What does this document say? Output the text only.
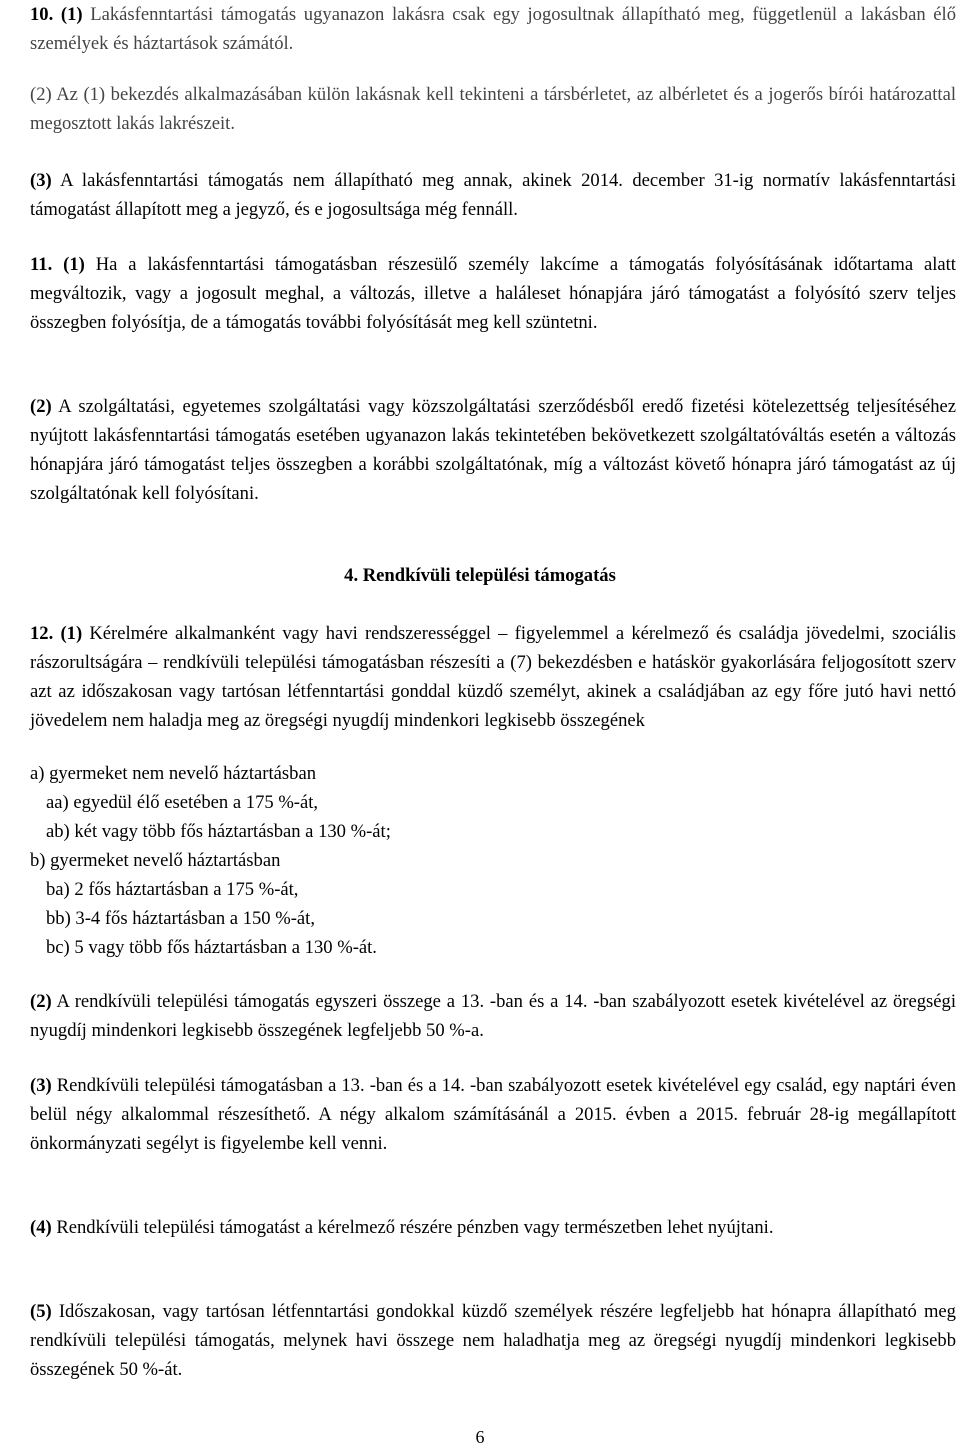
10. (1) Lakásfenntartási támogatás ugyanazon lakásra csak egy jogosultnak állapítható meg, függetlenül a lakásban élő személyek és háztartások számától.

(2) Az (1) bekezdés alkalmazásában külön lakásnak kell tekinteni a társbérletet, az albérletet és a jogerős bírói határozattal megosztott lakás lakrészeit.

(3) A lakásfenntartási támogatás nem állapítható meg annak, akinek 2014. december 31-ig normatív lakásfenntartási támogatást állapított meg a jegyző, és e jogosultsága még fennáll.

11. (1) Ha a lakásfenntartási támogatásban részesülő személy lakcíme a támogatás folyósításának időtartama alatt megváltozik, vagy a jogosult meghal, a változás, illetve a haláleset hónapjára járó támogatást a folyósító szerv teljes összegben folyósítja, de a támogatás további folyósítását meg kell szüntetni.

(2) A szolgáltatási, egyetemes szolgáltatási vagy közszolgáltatási szerződésből eredő fizetési kötelezettség teljesítéséhez nyújtott lakásfenntartási támogatás esetében ugyanazon lakás tekintetében bekövetkezett szolgáltatóváltás esetén a változás hónapjára járó támogatást teljes összegben a korábbi szolgáltatónak, míg a változást követő hónapra járó támogatást az új szolgáltatónak kell folyósítani.

4. Rendkívüli települési támogatás

12. (1) Kérelmére alkalmanként vagy havi rendszerességgel – figyelemmel a kérelmező és családja jövedelmi, szociális rászorultságára – rendkívüli települési támogatásban részesíti a (7) bekezdésben e hatáskör gyakorlására feljogosított szerv azt az időszakosan vagy tartósan létfenntartási gonddal küzdő személyt, akinek a családjában az egy főre jutó havi nettó jövedelem nem haladja meg az öregségi nyugdíj mindenkori legkisebb összegének

a) gyermeket nem nevelő háztartásban

aa) egyedül élő esetében a 175 %-át,

ab) két vagy több fős háztartásban a 130 %-át;

b) gyermeket nevelő háztartásban

ba) 2 fős háztartásban a 175 %-át,

bb) 3-4 fős háztartásban a 150 %-át,

bc) 5 vagy több fős háztartásban a 130 %-át.

(2) A rendkívüli települési támogatás egyszeri összege a 13. -ban és a 14. -ban szabályozott esetek kivételével az öregségi nyugdíj mindenkori legkisebb összegének legfeljebb 50 %-a.

(3) Rendkívüli települési támogatásban a 13. -ban és a 14. -ban szabályozott esetek kivételével egy család, egy naptári éven belül négy alkalommal részesíthető. A négy alkalom számításánál a 2015. évben a 2015. február 28-ig megállapított önkormányzati segélyt is figyelembe kell venni.

(4) Rendkívüli települési támogatást a kérelmező részére pénzben vagy természetben lehet nyújtani.

(5) Időszakosan, vagy tartósan létfenntartási gondokkal küzdő személyek részére legfeljebb hat hónapra állapítható meg rendkívüli települési támogatás, melynek havi összege nem haladhatja meg az öregségi nyugdíj mindenkori legkisebb összegének 50 %-át.

6
